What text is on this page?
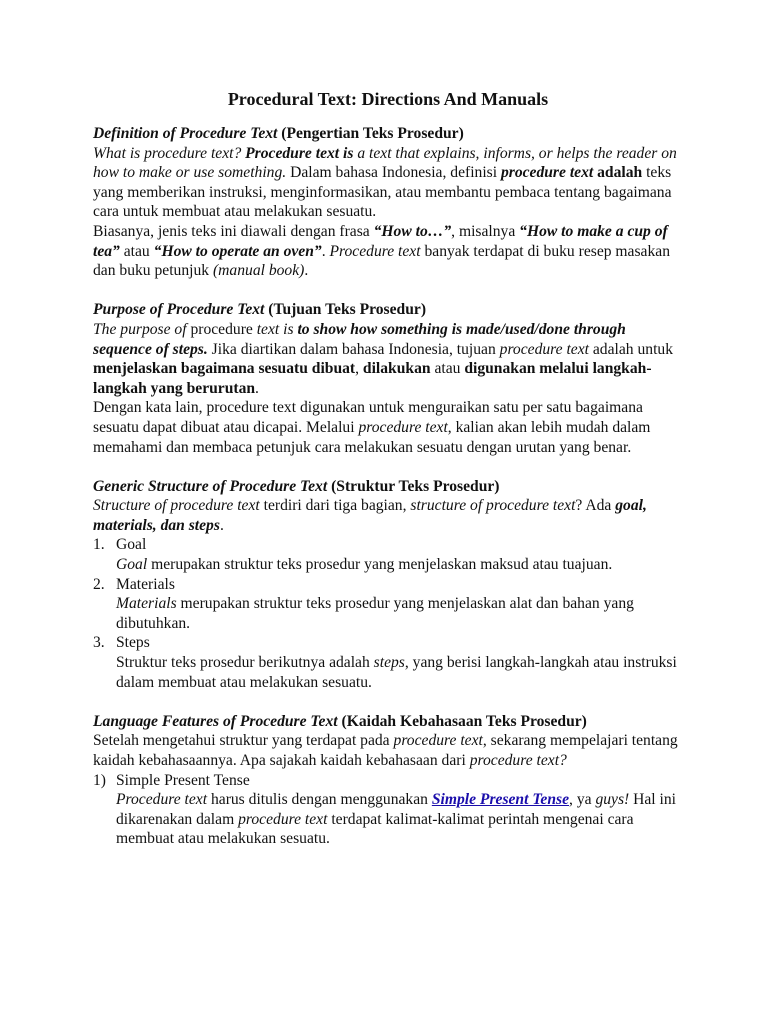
Procedural Text: Directions And Manuals

Definition of Procedure Text (Pengertian Teks Prosedur)

What is procedure text? Procedure text is a text that explains, informs, or helps the reader on how to make or use something. Dalam bahasa Indonesia, definisi procedure text adalah teks yang memberikan instruksi, menginformasikan, atau membantu pembaca tentang bagaimana cara untuk membuat atau melakukan sesuatu.

Biasanya, jenis teks ini diawali dengan frasa “How to…”, misalnya “How to make a cup of tea” atau “How to operate an oven”. Procedure text banyak terdapat di buku resep masakan dan buku petunjuk (manual book).

Purpose of Procedure Text (Tujuan Teks Prosedur)

The purpose of procedure text is to show how something is made/used/done through sequence of steps. Jika diartikan dalam bahasa Indonesia, tujuan procedure text adalah untuk menjelaskan bagaimana sesuatu dibuat, dilakukan atau digunakan melalui langkah-langkah yang berurutan.

Dengan kata lain, procedure text digunakan untuk menguraikan satu per satu bagaimana sesuatu dapat dibuat atau dicapai. Melalui procedure text, kalian akan lebih mudah dalam memahami dan membaca petunjuk cara melakukan sesuatu dengan urutan yang benar.

Generic Structure of Procedure Text (Struktur Teks Prosedur)

Structure of procedure text terdiri dari tiga bagian, structure of procedure text? Ada goal, materials, dan steps.

1. Goal
Goal merupakan struktur teks prosedur yang menjelaskan maksud atau tuajuan.
2. Materials
Materials merupakan struktur teks prosedur yang menjelaskan alat dan bahan yang dibutuhkan.
3. Steps
Struktur teks prosedur berikutnya adalah steps, yang berisi langkah-langkah atau instruksi dalam membuat atau melakukan sesuatu.

Language Features of Procedure Text (Kaidah Kebahasaan Teks Prosedur)

Setelah mengetahui struktur yang terdapat pada procedure text, sekarang mempelajari tentang kaidah kebahasaannya. Apa sajakah kaidah kebahasaan dari procedure text?

1) Simple Present Tense
Procedure text harus ditulis dengan menggunakan Simple Present Tense, ya guys! Hal ini dikarenakan dalam procedure text terdapat kalimat-kalimat perintah mengenai cara membuat atau melakukan sesuatu.
